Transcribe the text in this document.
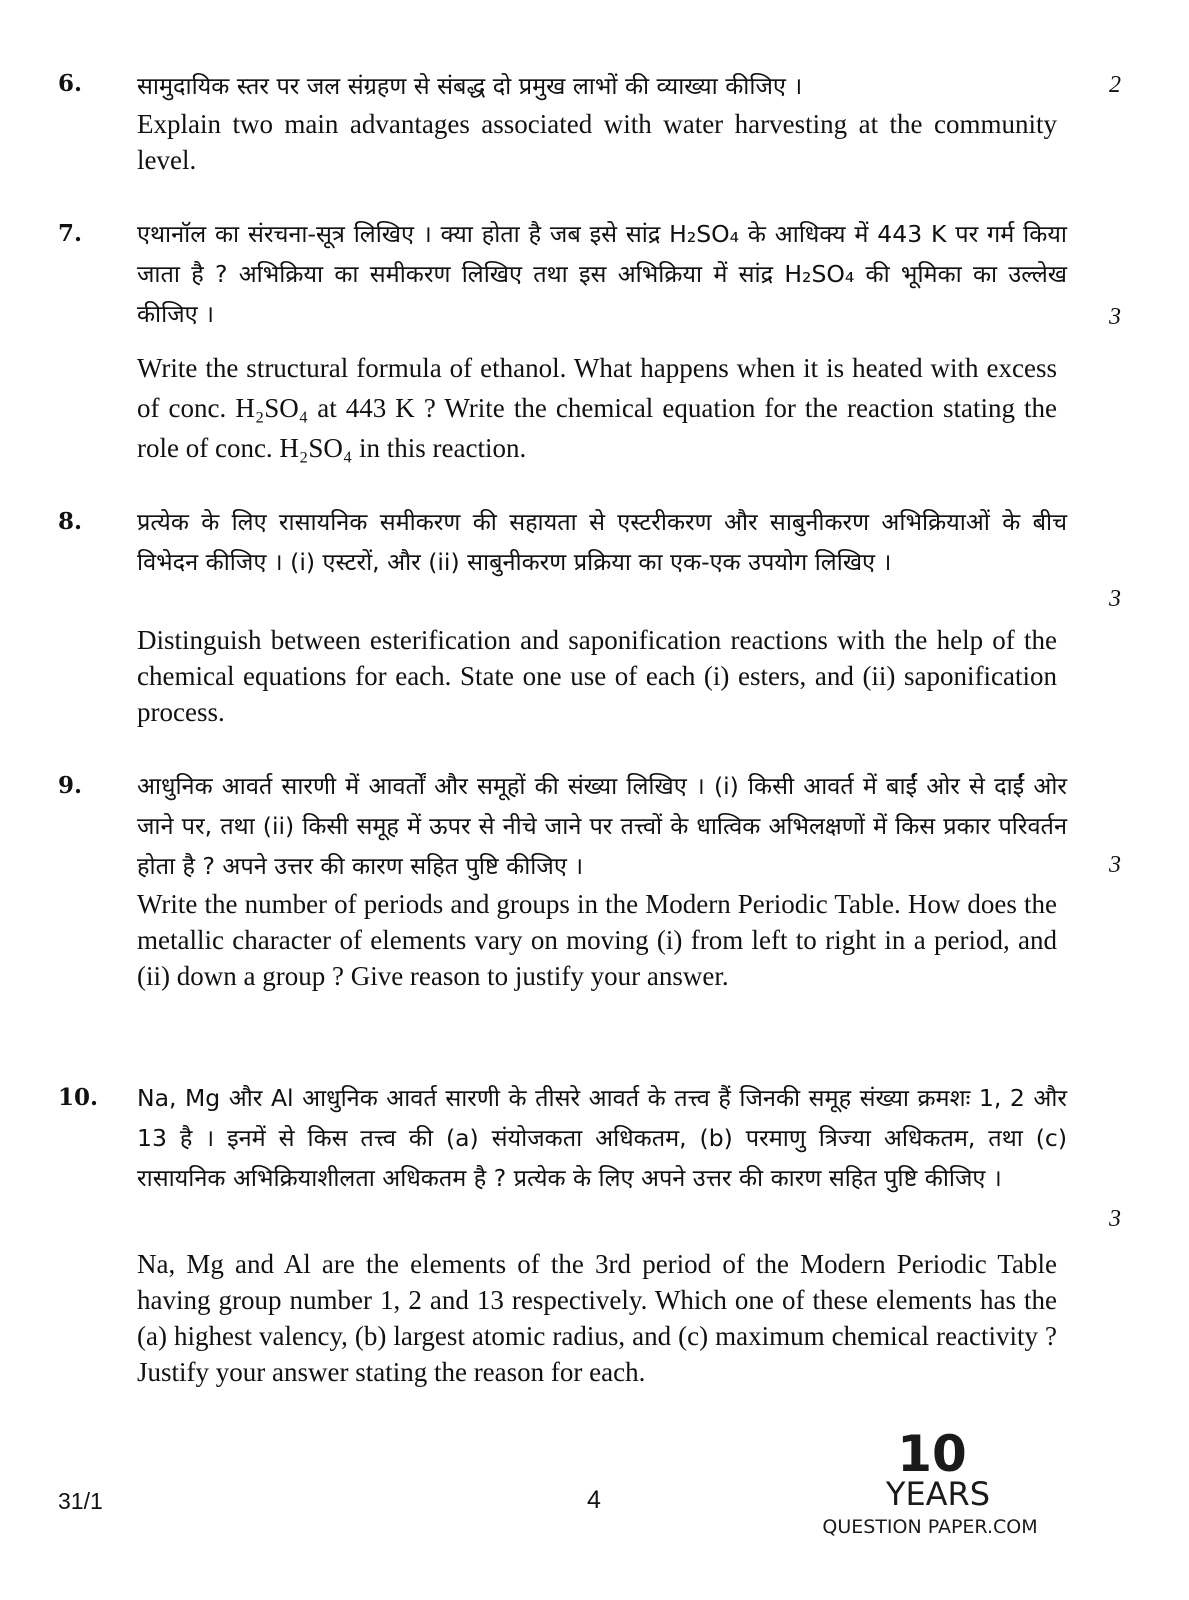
6. सामुदायिक स्तर पर जल संग्रहण से संबद्ध दो प्रमुख लाभों की व्याख्या कीजिए ।
Explain two main advantages associated with water harvesting at the community level.
2
7. एथानॉल का संरचना-सूत्र लिखिए । क्या होता है जब इसे सांद्र H₂SO₄ के आधिक्य में 443 K पर गर्म किया जाता है ? अभिक्रिया का समीकरण लिखिए तथा इस अभिक्रिया में सांद्र H₂SO₄ की भूमिका का उल्लेख कीजिए ।
Write the structural formula of ethanol. What happens when it is heated with excess of conc. H₂SO₄ at 443 K ? Write the chemical equation for the reaction stating the role of conc. H₂SO₄ in this reaction.
3
8. प्रत्येक के लिए रासायनिक समीकरण की सहायता से एस्टरीकरण और साबुनीकरण अभिक्रियाओं के बीच विभेदन कीजिए । (i) एस्टरों, और (ii) साबुनीकरण प्रक्रिया का एक-एक उपयोग लिखिए ।
Distinguish between esterification and saponification reactions with the help of the chemical equations for each. State one use of each (i) esters, and (ii) saponification process.
3
9. आधुनिक आवर्त सारणी में आवर्तों और समूहों की संख्या लिखिए । (i) किसी आवर्त में बाईं ओर से दाईं ओर जाने पर, तथा (ii) किसी समूह में ऊपर से नीचे जाने पर तत्त्वों के धात्विक अभिलक्षणों में किस प्रकार परिवर्तन होता है ? अपने उत्तर की कारण सहित पुष्टि कीजिए ।
Write the number of periods and groups in the Modern Periodic Table. How does the metallic character of elements vary on moving (i) from left to right in a period, and (ii) down a group ? Give reason to justify your answer.
3
10. Na, Mg और Al आधुनिक आवर्त सारणी के तीसरे आवर्त के तत्त्व हैं जिनकी समूह संख्या क्रमशः 1, 2 और 13 है । इनमें से किस तत्त्व की (a) संयोजकता अधिकतम, (b) परमाणु त्रिज्या अधिकतम, तथा (c) रासायनिक अभिक्रियाशीलता अधिकतम है ? प्रत्येक के लिए अपने उत्तर की कारण सहित पुष्टि कीजिए ।
Na, Mg and Al are the elements of the 3rd period of the Modern Periodic Table having group number 1, 2 and 13 respectively. Which one of these elements has the (a) highest valency, (b) largest atomic radius, and (c) maximum chemical reactivity ? Justify your answer stating the reason for each.
3
31/1	4
10
YEARS
QUESTION PAPER.COM
